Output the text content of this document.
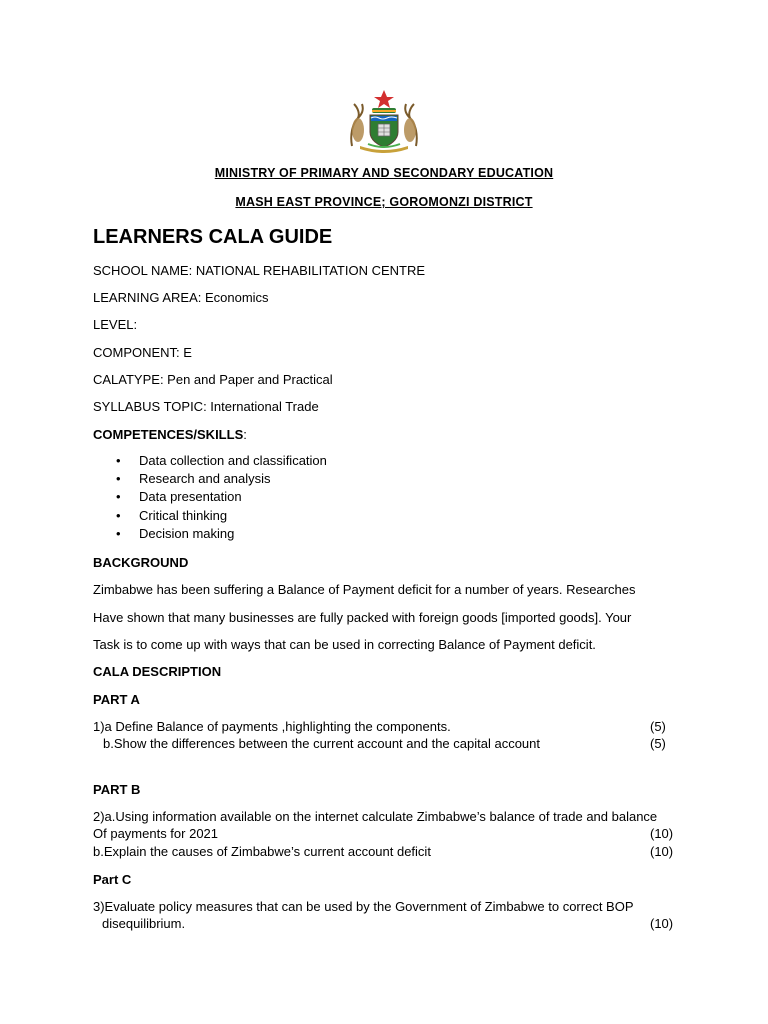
MINISTRY OF PRIMARY AND SECONDARY EDUCATION
MASH EAST PROVINCE; GOROMONZI DISTRICT
LEARNERS CALA GUIDE
SCHOOL NAME: NATIONAL REHABILITATION CENTRE
LEARNING AREA: Economics
LEVEL:
COMPONENT: E
CALATYPE: Pen and Paper and Practical
SYLLABUS TOPIC: International Trade
COMPETENCES/SKILLS:
• Data collection and classification
• Research and analysis
• Data presentation
• Critical thinking
• Decision making
BACKGROUND
Zimbabwe has been suffering a Balance of Payment deficit for a number of years. Researches
Have shown that many businesses are fully packed with foreign goods [imported goods]. Your
Task is to come up with ways that can be used in correcting Balance of Payment deficit.
CALA DESCRIPTION
PART A
1)a Define Balance of payments ,highlighting the components.	(5)
b.Show the differences between the current account and the capital account	(5)
PART B
2)a.Using information available on the internet calculate Zimbabwe’s balance of trade and balance
Of payments for 2021	(10)
b.Explain the causes of Zimbabwe’s current account deficit	(10)
Part C
3)Evaluate policy measures that can be used by the Government of Zimbabwe to correct BOP
disequilibrium.	(10)
